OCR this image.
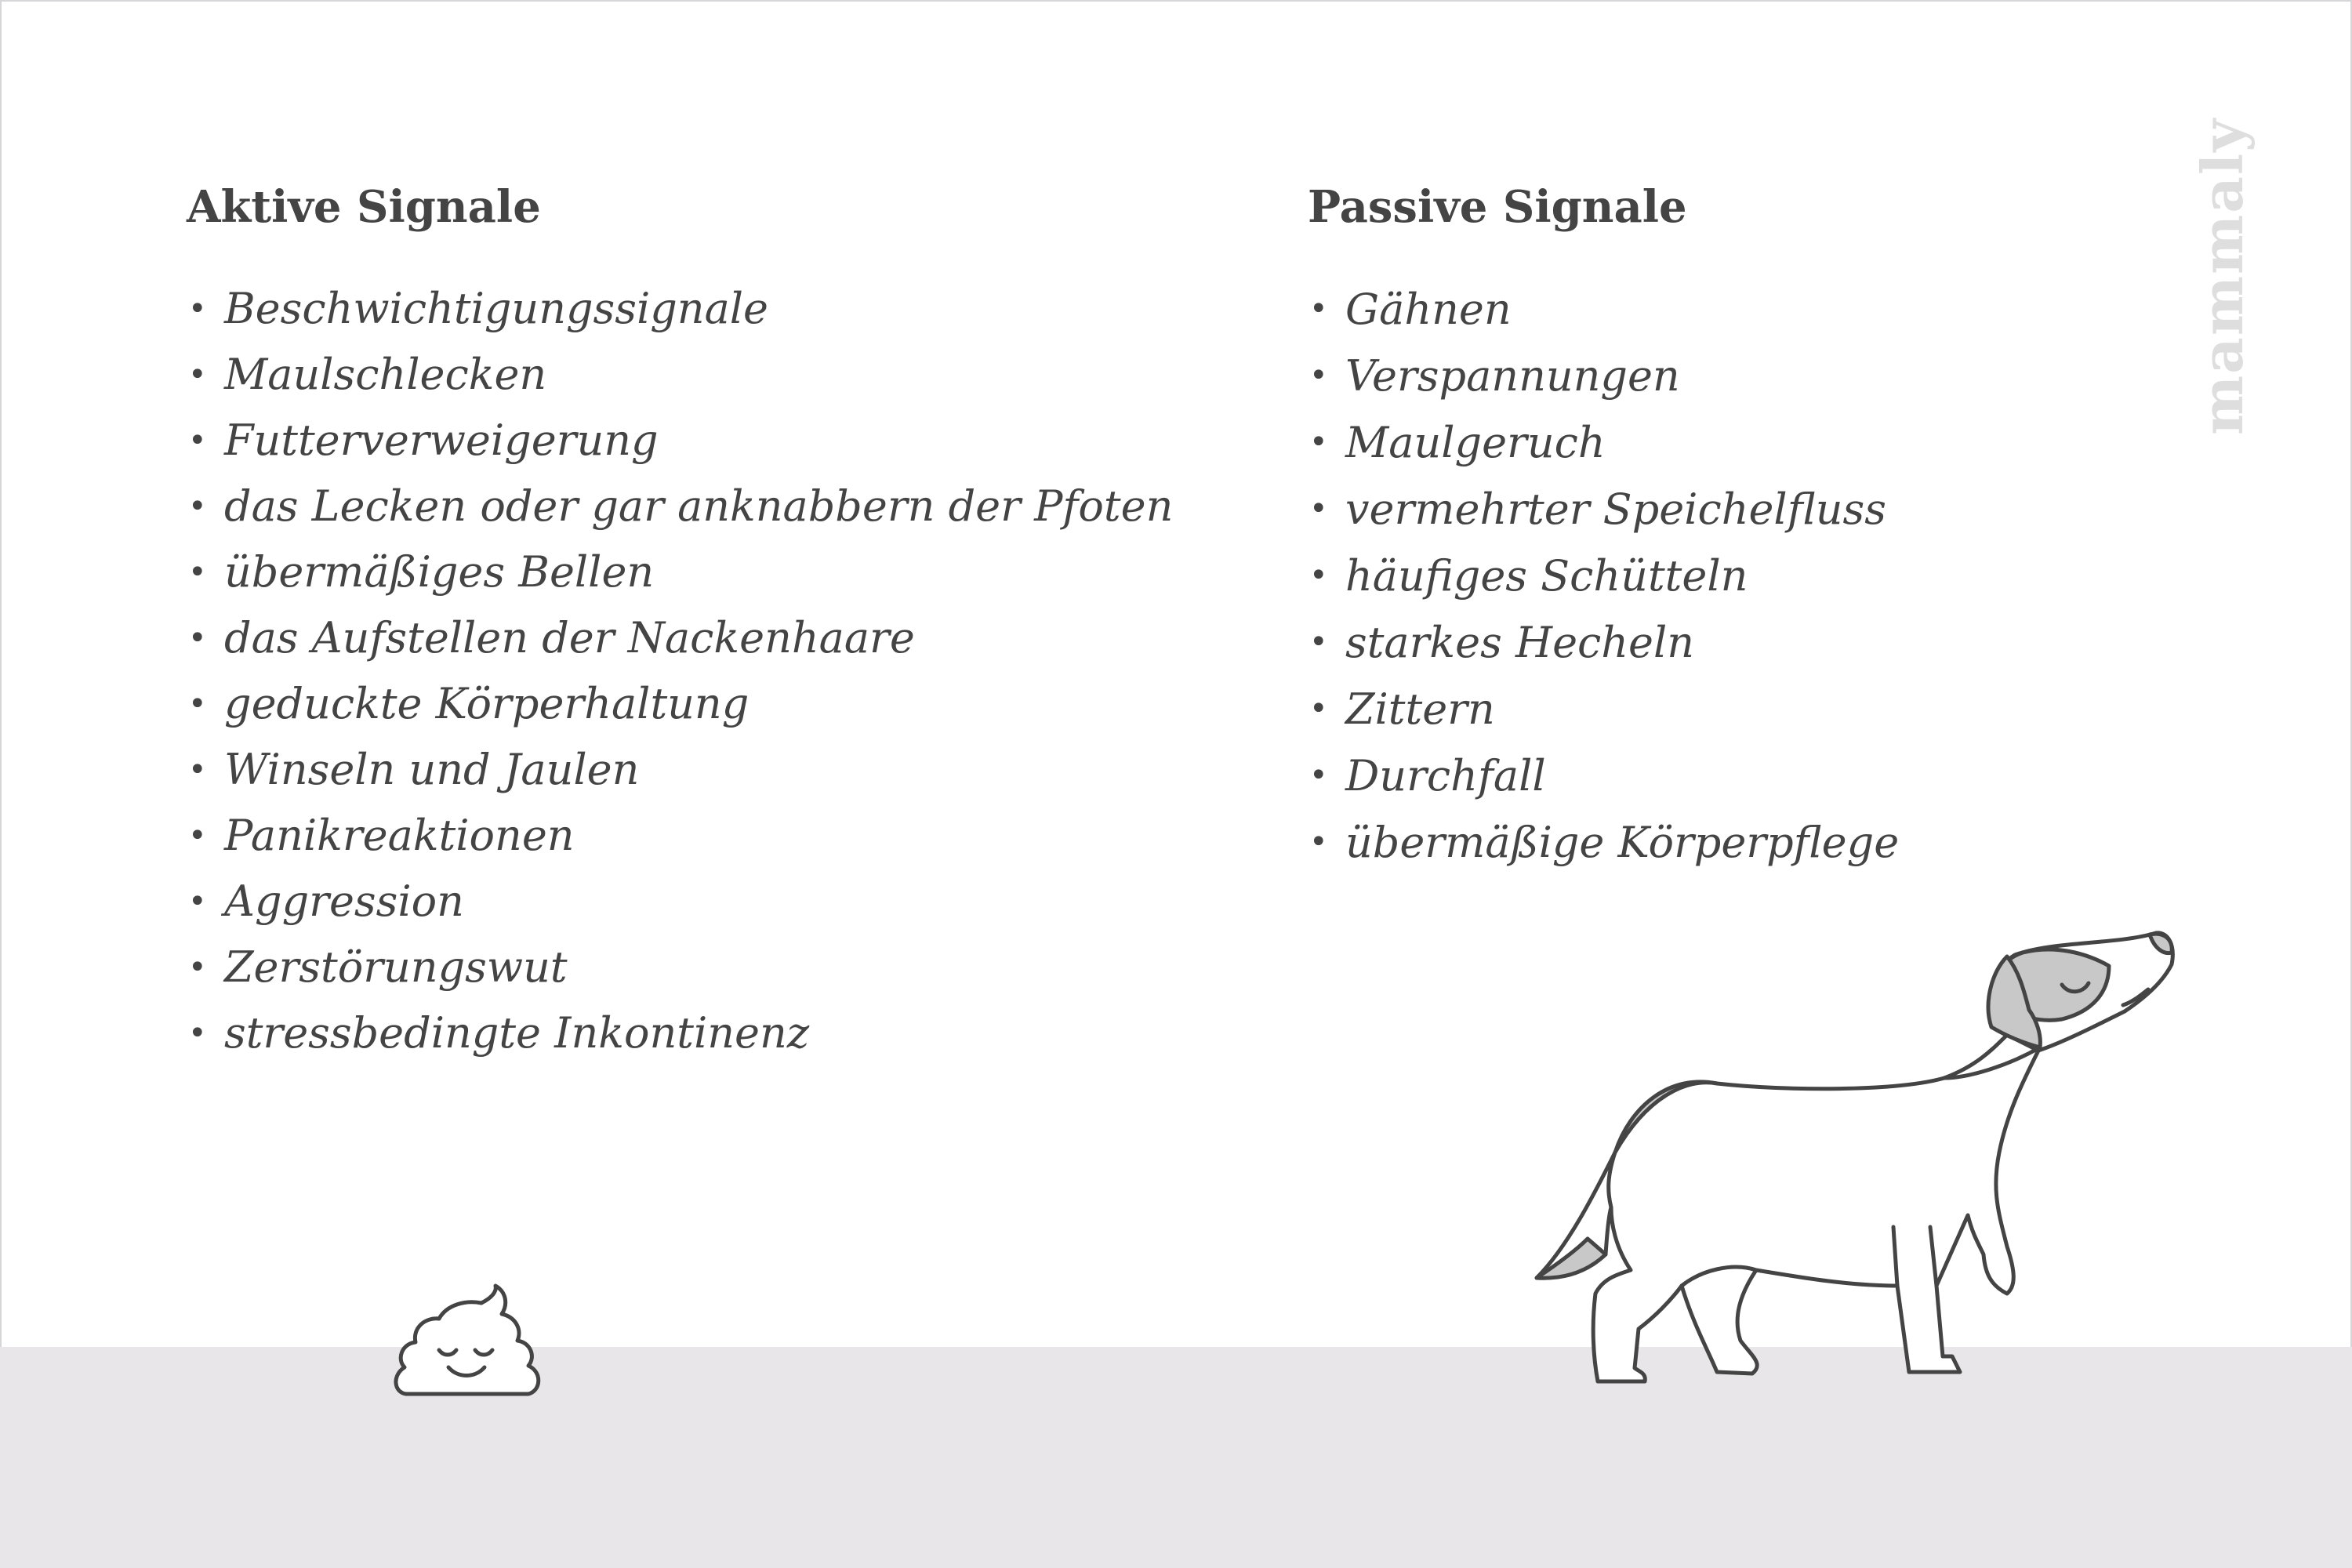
Aktive Signale
• Beschwichtigungssignale
• Maulschlecken
• Futterverweigerung
• das Lecken oder gar anknabbern der Pfoten
• übermäßiges Bellen
• das Aufstellen der Nackenhaare
• geduckte Körperhaltung
• Winseln und Jaulen
• Panikreaktionen
• Aggression
• Zerstörungswut
• stressbedingte Inkontinenz
Passive Signale
• Gähnen
• Verspannungen
• Maulgeruch
• vermehrter Speichelfluss
• häufiges Schütteln
• starkes Hecheln
• Zittern
• Durchfall
• übermäßige Körperpflege
mammaly
